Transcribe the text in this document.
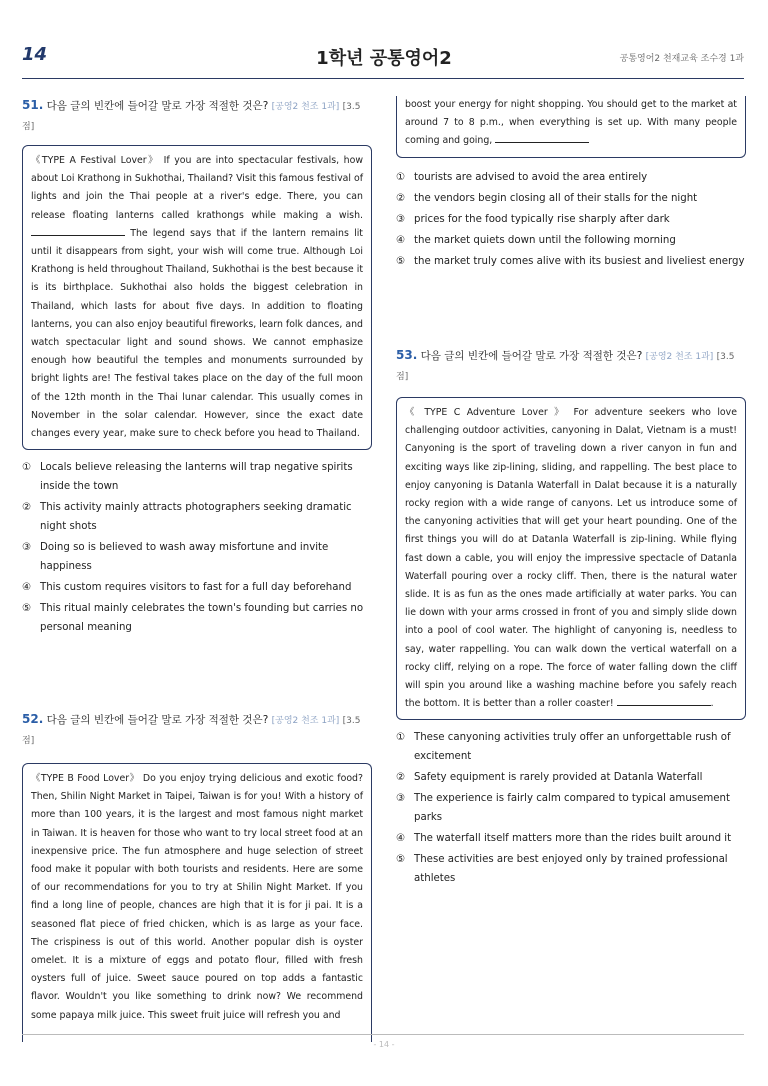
14	1학년 공통영어2	공통영어2 천재교육 조수경 1과
51. 다음 글의 빈칸에 들어갈 말로 가장 적절한 것은? [공영2 천조 1과] [3.5점]
《TYPE A Festival Lover》 If you are into spectacular festivals, how about Loi Krathong in Sukhothai, Thailand? Visit this famous festival of lights and join the Thai people at a river's edge. There, you can release floating lanterns called krathongs while making a wish.  The legend says that if the lantern remains lit until it disappears from sight, your wish will come true. Although Loi Krathong is held throughout Thailand, Sukhothai is the best because it is its birthplace. Sukhothai also holds the biggest celebration in Thailand, which lasts for about five days. In addition to floating lanterns, you can also enjoy beautiful fireworks, learn folk dances, and watch spectacular light and sound shows. We cannot emphasize enough how beautiful the temples and monuments surrounded by bright lights are! The festival takes place on the day of the full moon of the 12th month in the Thai lunar calendar. This usually comes in November in the solar calendar. However, since the exact date changes every year, make sure to check before you head to Thailand.
① Locals believe releasing the lanterns will trap negative spirits inside the town
② This activity mainly attracts photographers seeking dramatic night shots
③ Doing so is believed to wash away misfortune and invite happiness
④ This custom requires visitors to fast for a full day beforehand
⑤ This ritual mainly celebrates the town's founding but carries no personal meaning
52. 다음 글의 빈칸에 들어갈 말로 가장 적절한 것은? [공영2 천조 1과] [3.5점]
《TYPE B Food Lover》 Do you enjoy trying delicious and exotic food? Then, Shilin Night Market in Taipei, Taiwan is for you! With a history of more than 100 years, it is the largest and most famous night market in Taiwan. It is heaven for those who want to try local street food at an inexpensive price. The fun atmosphere and huge selection of street food make it popular with both tourists and residents. Here are some of our recommendations for you to try at Shilin Night Market. If you find a long line of people, chances are high that it is for ji pai. It is a seasoned flat piece of fried chicken, which is as large as your face. The crispiness is out of this world. Another popular dish is oyster omelet. It is a mixture of eggs and potato flour, filled with fresh oysters full of juice. Sweet sauce poured on top adds a fantastic flavor. Wouldn't you like something to drink now? We recommend some papaya milk juice. This sweet fruit juice will refresh you and
boost your energy for night shopping. You should get to the market at around 7 to 8 p.m., when everything is set up. With many people coming and going,
① tourists are advised to avoid the area entirely
② the vendors begin closing all of their stalls for the night
③ prices for the food typically rise sharply after dark
④ the market quiets down until the following morning
⑤ the market truly comes alive with its busiest and liveliest energy
53. 다음 글의 빈칸에 들어갈 말로 가장 적절한 것은? [공영2 천조 1과] [3.5점]
《 TYPE C Adventure Lover 》 For adventure seekers who love challenging outdoor activities, canyoning in Dalat, Vietnam is a must! Canyoning is the sport of traveling down a river canyon in fun and exciting ways like zip-lining, sliding, and rappelling. The best place to enjoy canyoning is Datanla Waterfall in Dalat because it is a naturally rocky region with a wide range of canyons. Let us introduce some of the canyoning activities that will get your heart pounding. One of the first things you will do at Datanla Waterfall is zip-lining. While flying fast down a cable, you will enjoy the impressive spectacle of Datanla Waterfall pouring over a rocky cliff. Then, there is the natural water slide. It is as fun as the ones made artificially at water parks. You can lie down with your arms crossed in front of you and simply slide down into a pool of cool water. The highlight of canyoning is, needless to say, water rappelling. You can walk down the vertical waterfall on a rocky cliff, relying on a rope. The force of water falling down the cliff will spin you around like a washing machine before you safely reach the bottom. It is better than a roller coaster!	.
① These canyoning activities truly offer an unforgettable rush of excitement
② Safety equipment is rarely provided at Datanla Waterfall
③ The experience is fairly calm compared to typical amusement parks
④ The waterfall itself matters more than the rides built around it
⑤ These activities are best enjoyed only by trained professional athletes
- 14 -
